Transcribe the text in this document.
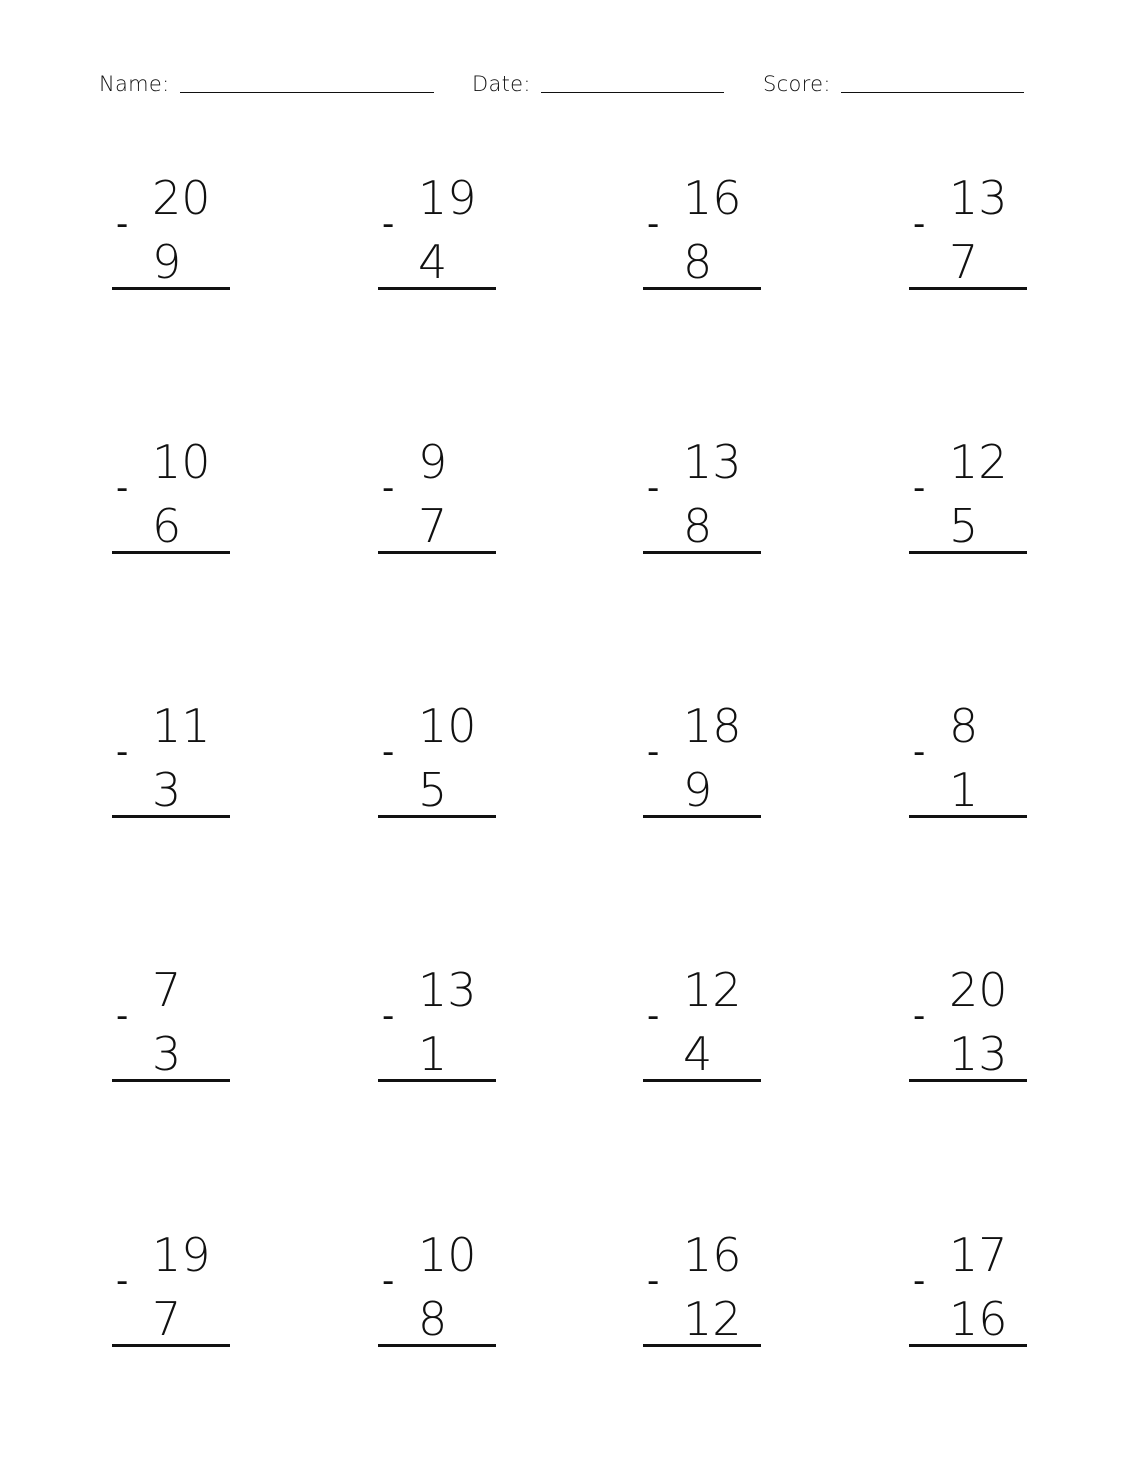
Name:	Date:	Score:
20
-
9
19
-
4
16
-
8
13
-
7
10
-
6
9
-
7
13
-
8
12
-
5
11
-
3
10
-
5
18
-
9
8
-
1
7
-
3
13
-
1
12
-
4
20
-
13
19
-
7
10
-
8
16
-
12
17
-
16
